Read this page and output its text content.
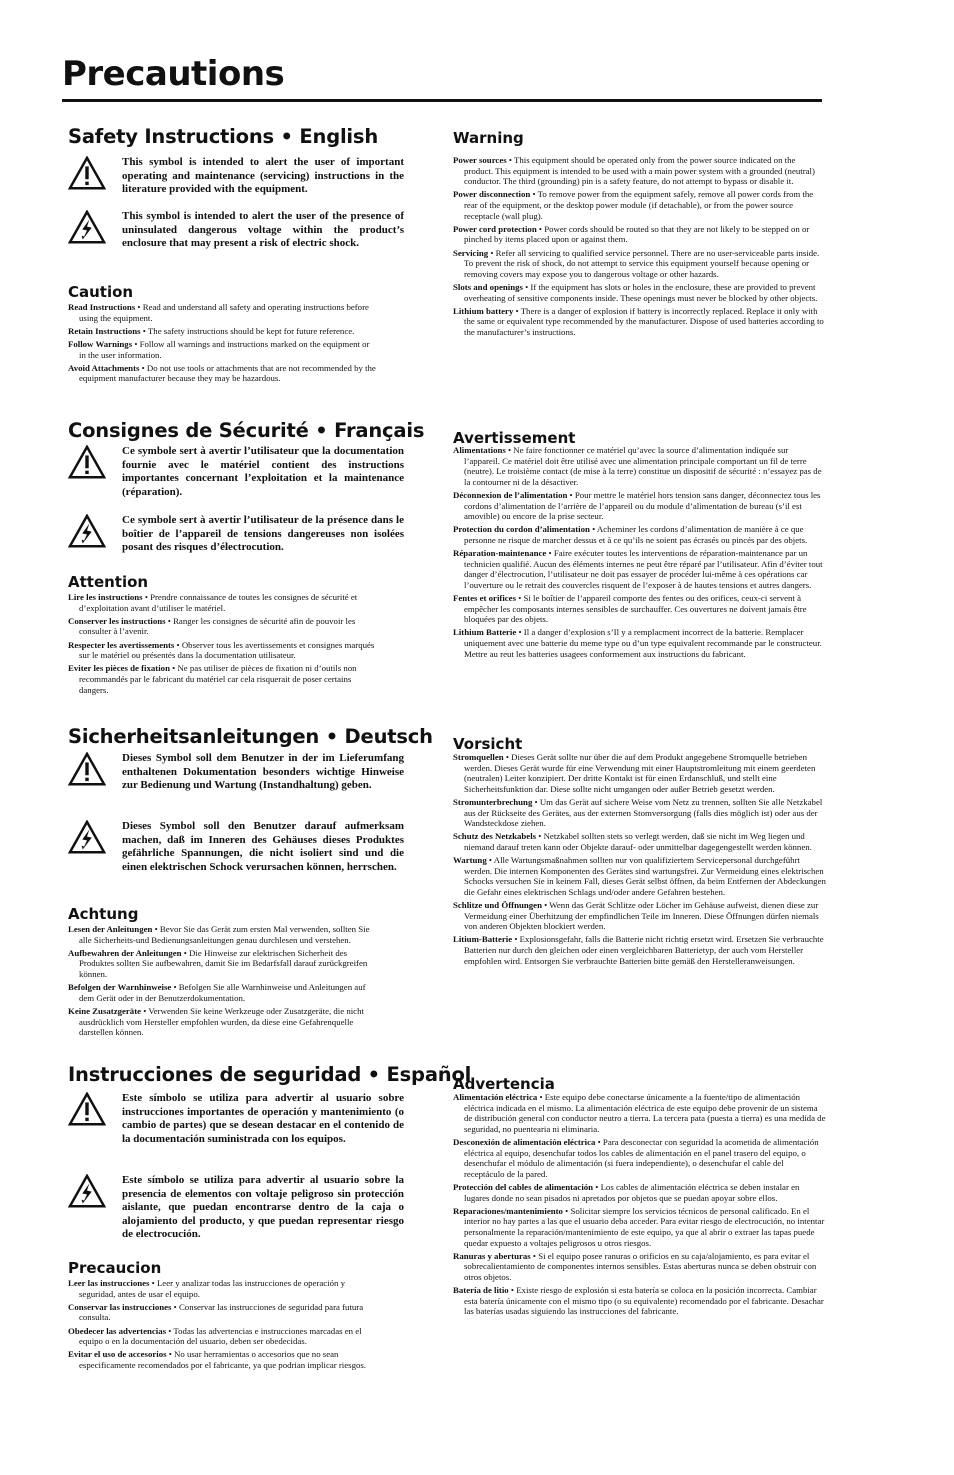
Precautions
Safety Instructions • English

This symbol is intended to alert the user of important operating and maintenance (servicing) instructions in the literature provided with the equipment.

This symbol is intended to alert the user of the presence of uninsulated dangerous voltage within the product’s enclosure that may present a risk of electric shock.

Caution
Read Instructions • Read and understand all safety and operating instructions before using the equipment.
Retain Instructions • The safety instructions should be kept for future reference.
Follow Warnings • Follow all warnings and instructions marked on the equipment or in the user information.
Avoid Attachments • Do not use tools or attachments that are not recommended by the equipment manufacturer because they may be hazardous.
Consignes de Sécurité • Français

Ce symbole sert à avertir l’utilisateur que la documentation fournie avec le matériel contient des instructions importantes concernant l’exploitation et la maintenance (réparation).

Ce symbole sert à avertir l’utilisateur de la présence dans le boîtier de l’appareil de tensions dangereuses non isolées posant des risques d’électrocution.

Attention
Lire les instructions • Prendre connaissance de toutes les consignes de sécurité et d’exploitation avant d’utiliser le matériel.
Conserver les instructions • Ranger les consignes de sécurité afin de pouvoir les consulter à l’avenir.
Respecter les avertissements • Observer tous les avertissements et consignes marqués sur le matériel ou présentés dans la documentation utilisateur.
Eviter les pièces de fixation • Ne pas utiliser de pièces de fixation ni d’outils non recommandés par le fabricant du matériel car cela risquerait de poser certains dangers.
Sicherheitsanleitungen • Deutsch

Dieses Symbol soll dem Benutzer in der im Lieferumfang enthaltenen Dokumentation besonders wichtige Hinweise zur Bedienung und Wartung (Instandhaltung) geben.

Dieses Symbol soll den Benutzer darauf aufmerksam machen, daß im Inneren des Gehäuses dieses Produktes gefährliche Spannungen, die nicht isoliert sind und die einen elektrischen Schock verursachen können, herrschen.

Achtung
Lesen der Anleitungen • Bevor Sie das Gerät zum ersten Mal verwenden, sollten Sie alle Sicherheits-und Bedienungsanleitungen genau durchlesen und verstehen.
Aufbewahren der Anleitungen • Die Hinweise zur elektrischen Sicherheit des Produktes sollten Sie aufbewahren, damit Sie im Bedarfsfall darauf zurückgreifen können.
Befolgen der Warnhinweise • Befolgen Sie alle Warnhinweise und Anleitungen auf dem Gerät oder in der Benutzerdokumentation.
Keine Zusatzgeräte • Verwenden Sie keine Werkzeuge oder Zusatzgeräte, die nicht ausdrücklich vom Hersteller empfohlen wurden, da diese eine Gefahrenquelle darstellen können.
Instrucciones de seguridad • Español

Este símbolo se utiliza para advertir al usuario sobre instrucciones importantes de operación y mantenimiento (o cambio de partes) que se desean destacar en el contenido de la documentación suministrada con los equipos.

Este símbolo se utiliza para advertir al usuario sobre la presencia de elementos con voltaje peligroso sin protección aislante, que puedan encontrarse dentro de la caja o alojamiento del producto, y que puedan representar riesgo de electrocución.

Precaucion
Leer las instrucciones • Leer y analizar todas las instrucciones de operación y seguridad, antes de usar el equipo.
Conservar las instrucciones • Conservar las instrucciones de seguridad para futura consulta.
Obedecer las advertencias • Todas las advertencias e instrucciones marcadas en el equipo o en la documentación del usuario, deben ser obedecidas.
Evitar el uso de accesorios • No usar herramientas o accesorios que no sean especificamente recomendados por el fabricante, ya que podrian implicar riesgos.
Warning
Power sources • This equipment should be operated only from the power source indicated on the product. This equipment is intended to be used with a main power system with a grounded (neutral) conductor. The third (grounding) pin is a safety feature, do not attempt to bypass or disable it.
Power disconnection • To remove power from the equipment safely, remove all power cords from the rear of the equipment, or the desktop power module (if detachable), or from the power source receptacle (wall plug).
Power cord protection • Power cords should be routed so that they are not likely to be stepped on or pinched by items placed upon or against them.
Servicing • Refer all servicing to qualified service personnel. There are no user-serviceable parts inside. To prevent the risk of shock, do not attempt to service this equipment yourself because opening or removing covers may expose you to dangerous voltage or other hazards.
Slots and openings • If the equipment has slots or holes in the enclosure, these are provided to prevent overheating of sensitive components inside. These openings must never be blocked by other objects.
Lithium battery • There is a danger of explosion if battery is incorrectly replaced. Replace it only with the same or equivalent type recommended by the manufacturer. Dispose of used batteries according to the manufacturer’s instructions.
Avertissement
Alimentations • Ne faire fonctionner ce matériel qu’avec la source d’alimentation indiquée sur l’appareil. Ce matériel doit être utilisé avec une alimentation principale comportant un fil de terre (neutre). Le troisième contact (de mise à la terre) constitue un dispositif de sécurité : n’essayez pas de la contourner ni de la désactiver.
Déconnexion de l’alimentation • Pour mettre le matériel hors tension sans danger, déconnectez tous les cordons d’alimentation de l’arrière de l’appareil ou du module d’alimentation de bureau (s’il est amovible) ou encore de la prise secteur.
Protection du cordon d’alimentation • Acheminer les cordons d’alimentation de manière à ce que personne ne risque de marcher dessus et à ce qu’ils ne soient pas écrasés ou pincés par des objets.
Réparation-maintenance • Faire exécuter toutes les interventions de réparation-maintenance par un technicien qualifié. Aucun des éléments internes ne peut être réparé par l’utilisateur. Afin d’éviter tout danger d’électrocution, l’utilisateur ne doit pas essayer de procéder lui-même à ces opérations car l’ouverture ou le retrait des couvercles risquent de l’exposer à de hautes tensions et autres dangers.
Fentes et orifices • Si le boîtier de l’appareil comporte des fentes ou des orifices, ceux-ci servent à empêcher les composants internes sensibles de surchauffer. Ces ouvertures ne doivent jamais être bloquées par des objets.
Lithium Batterie • Il a danger d’explosion s’Il y a remplacment incorrect de la batterie. Remplacer uniquement avec une batterie du meme type ou d’un type equivalent recommande par le constructeur. Mettre au reut les batteries usagees conformement aux instructions du fabricant.
Vorsicht
Stromquellen • Dieses Gerät sollte nur über die auf dem Produkt angegebene Stromquelle betrieben werden. Dieses Gerät wurde für eine Verwendung mit einer Hauptstromleitung mit einem geerdeten (neutralen) Leiter konzipiert. Der dritte Kontakt ist für einen Erdanschluß, und stellt eine Sicherheitsfunktion dar. Diese sollte nicht umgangen oder außer Betrieb gesetzt werden.
Stromunterbrechung • Um das Gerät auf sichere Weise vom Netz zu trennen, sollten Sie alle Netzkabel aus der Rückseite des Gerätes, aus der externen Stomversorgung (falls dies möglich ist) oder aus der Wandsteckdose ziehen.
Schutz des Netzkabels • Netzkabel sollten stets so verlegt werden, daß sie nicht im Weg liegen und niemand darauf treten kann oder Objekte darauf- oder unmittelbar dagegengestellt werden können.
Wartung • Alle Wartungsmaßnahmen sollten nur von qualifiziertem Servicepersonal durchgeführt werden. Die internen Komponenten des Gerätes sind wartungsfrei. Zur Vermeidung eines elektrischen Schocks versuchen Sie in keinem Fall, dieses Gerät selbst öffnen, da beim Entfernen der Abdeckungen die Gefahr eines elektrischen Schlags und/oder andere Gefahren bestehen.
Schlitze und Öffnungen • Wenn das Gerät Schlitze oder Löcher im Gehäuse aufweist, dienen diese zur Vermeidung einer Überhitzung der empfindlichen Teile im Inneren. Diese Öffnungen dürfen niemals von anderen Objekten blockiert werden.
Litium-Batterie • Explosionsgefahr, falls die Batterie nicht richtig ersetzt wird. Ersetzen Sie verbrauchte Batterien nur durch den gleichen oder einen vergleichbaren Batterietyp, der auch vom Hersteller empfohlen wird. Entsorgen Sie verbrauchte Batterien bitte gemäß den Herstelleranweisungen.
Advertencia
Alimentación eléctrica • Este equipo debe conectarse únicamente a la fuente/tipo de alimentación eléctrica indicada en el mismo. La alimentación eléctrica de este equipo debe provenir de un sistema de distribución general con conductor neutro a tierra. La tercera pata (puesta a tierra) es una medida de seguridad, no puentearia ni eliminaria.
Desconexión de alimentación eléctrica • Para desconectar con seguridad la acometida de alimentación eléctrica al equipo, desenchufar todos los cables de alimentación en el panel trasero del equipo, o desenchufar el módulo de alimentación (si fuera independiente), o desenchufar el cable del receptáculo de la pared.
Protección del cables de alimentación • Los cables de alimentación eléctrica se deben instalar en lugares donde no sean pisados ni apretados por objetos que se puedan apoyar sobre ellos.
Reparaciones/mantenimiento • Solicitar siempre los servicios técnicos de personal calificado. En el interior no hay partes a las que el usuario deba acceder. Para evitar riesgo de electrocución, no intentar personalmente la reparación/mantenimiento de este equipo, ya que al abrir o extraer las tapas puede quedar expuesto a voltajes peligrosos u otros riesgos.
Ranuras y aberturas • Si el equipo posee ranuras o orificios en su caja/alojamiento, es para evitar el sobrecalientamiento de componentes internos sensibles. Estas aberturas nunca se deben obstruir con otros objetos.
Batería de litio • Existe riesgo de explosión si esta batería se coloca en la posición incorrecta. Cambiar esta batería únicamente con el mismo tipo (o su equivalente) recomendado por el fabricante. Desachar las baterías usadas siguiendo las instrucciones del fabricante.
